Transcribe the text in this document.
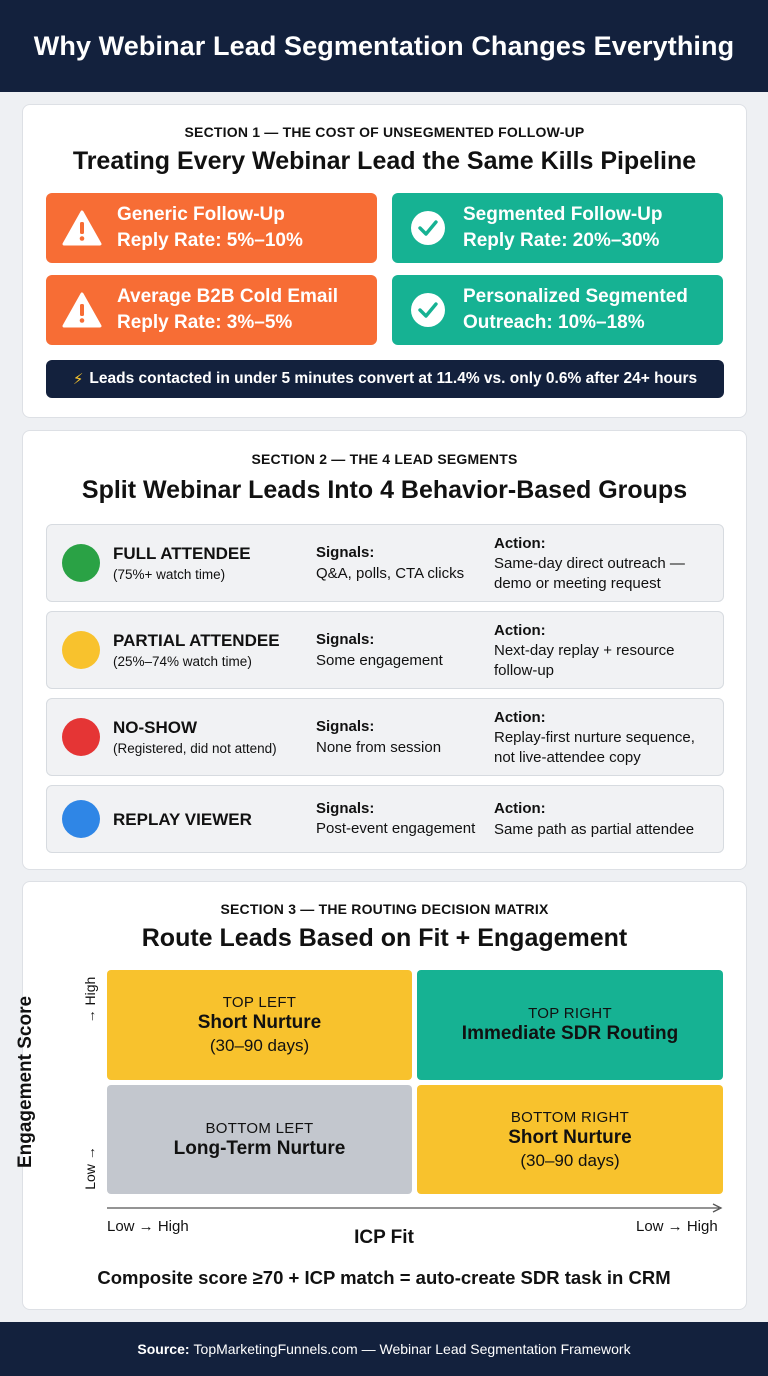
Why Webinar Lead Segmentation Changes Everything
SECTION 1 — THE COST OF UNSEGMENTED FOLLOW-UP
Treating Every Webinar Lead the Same Kills Pipeline
Generic Follow-Up
Reply Rate: 5%–10%
Segmented Follow-Up
Reply Rate: 20%–30%
Average B2B Cold Email
Reply Rate: 3%–5%
Personalized Segmented
Outreach: 10%–18%
⚡ Leads contacted in under 5 minutes convert at 11.4% vs. only 0.6% after 24+ hours
SECTION 2 — THE 4 LEAD SEGMENTS
Split Webinar Leads Into 4 Behavior-Based Groups
FULL ATTENDEE
(75%+ watch time)
Signals:
Q&A, polls, CTA clicks
Action:
Same-day direct outreach — demo or meeting request
PARTIAL ATTENDEE
(25%–74% watch time)
Signals:
Some engagement
Action:
Next-day replay + resource follow-up
NO-SHOW
(Registered, did not attend)
Signals:
None from session
Action:
Replay-first nurture sequence, not live-attendee copy
REPLAY VIEWER
Signals:
Post-event engagement
Action:
Same path as partial attendee
SECTION 3 — THE ROUTING DECISION MATRIX
Route Leads Based on Fit + Engagement
TOP LEFT
Short Nurture
(30–90 days)
TOP RIGHT
Immediate SDR Routing
BOTTOM LEFT
Long-Term Nurture
BOTTOM RIGHT
Short Nurture
(30–90 days)
Engagement Score	Low →
→ High
Low → High	Low → High
ICP Fit
Composite score ≥70 + ICP match = auto-create SDR task in CRM
Source: TopMarketingFunnels.com — Webinar Lead Segmentation Framework
